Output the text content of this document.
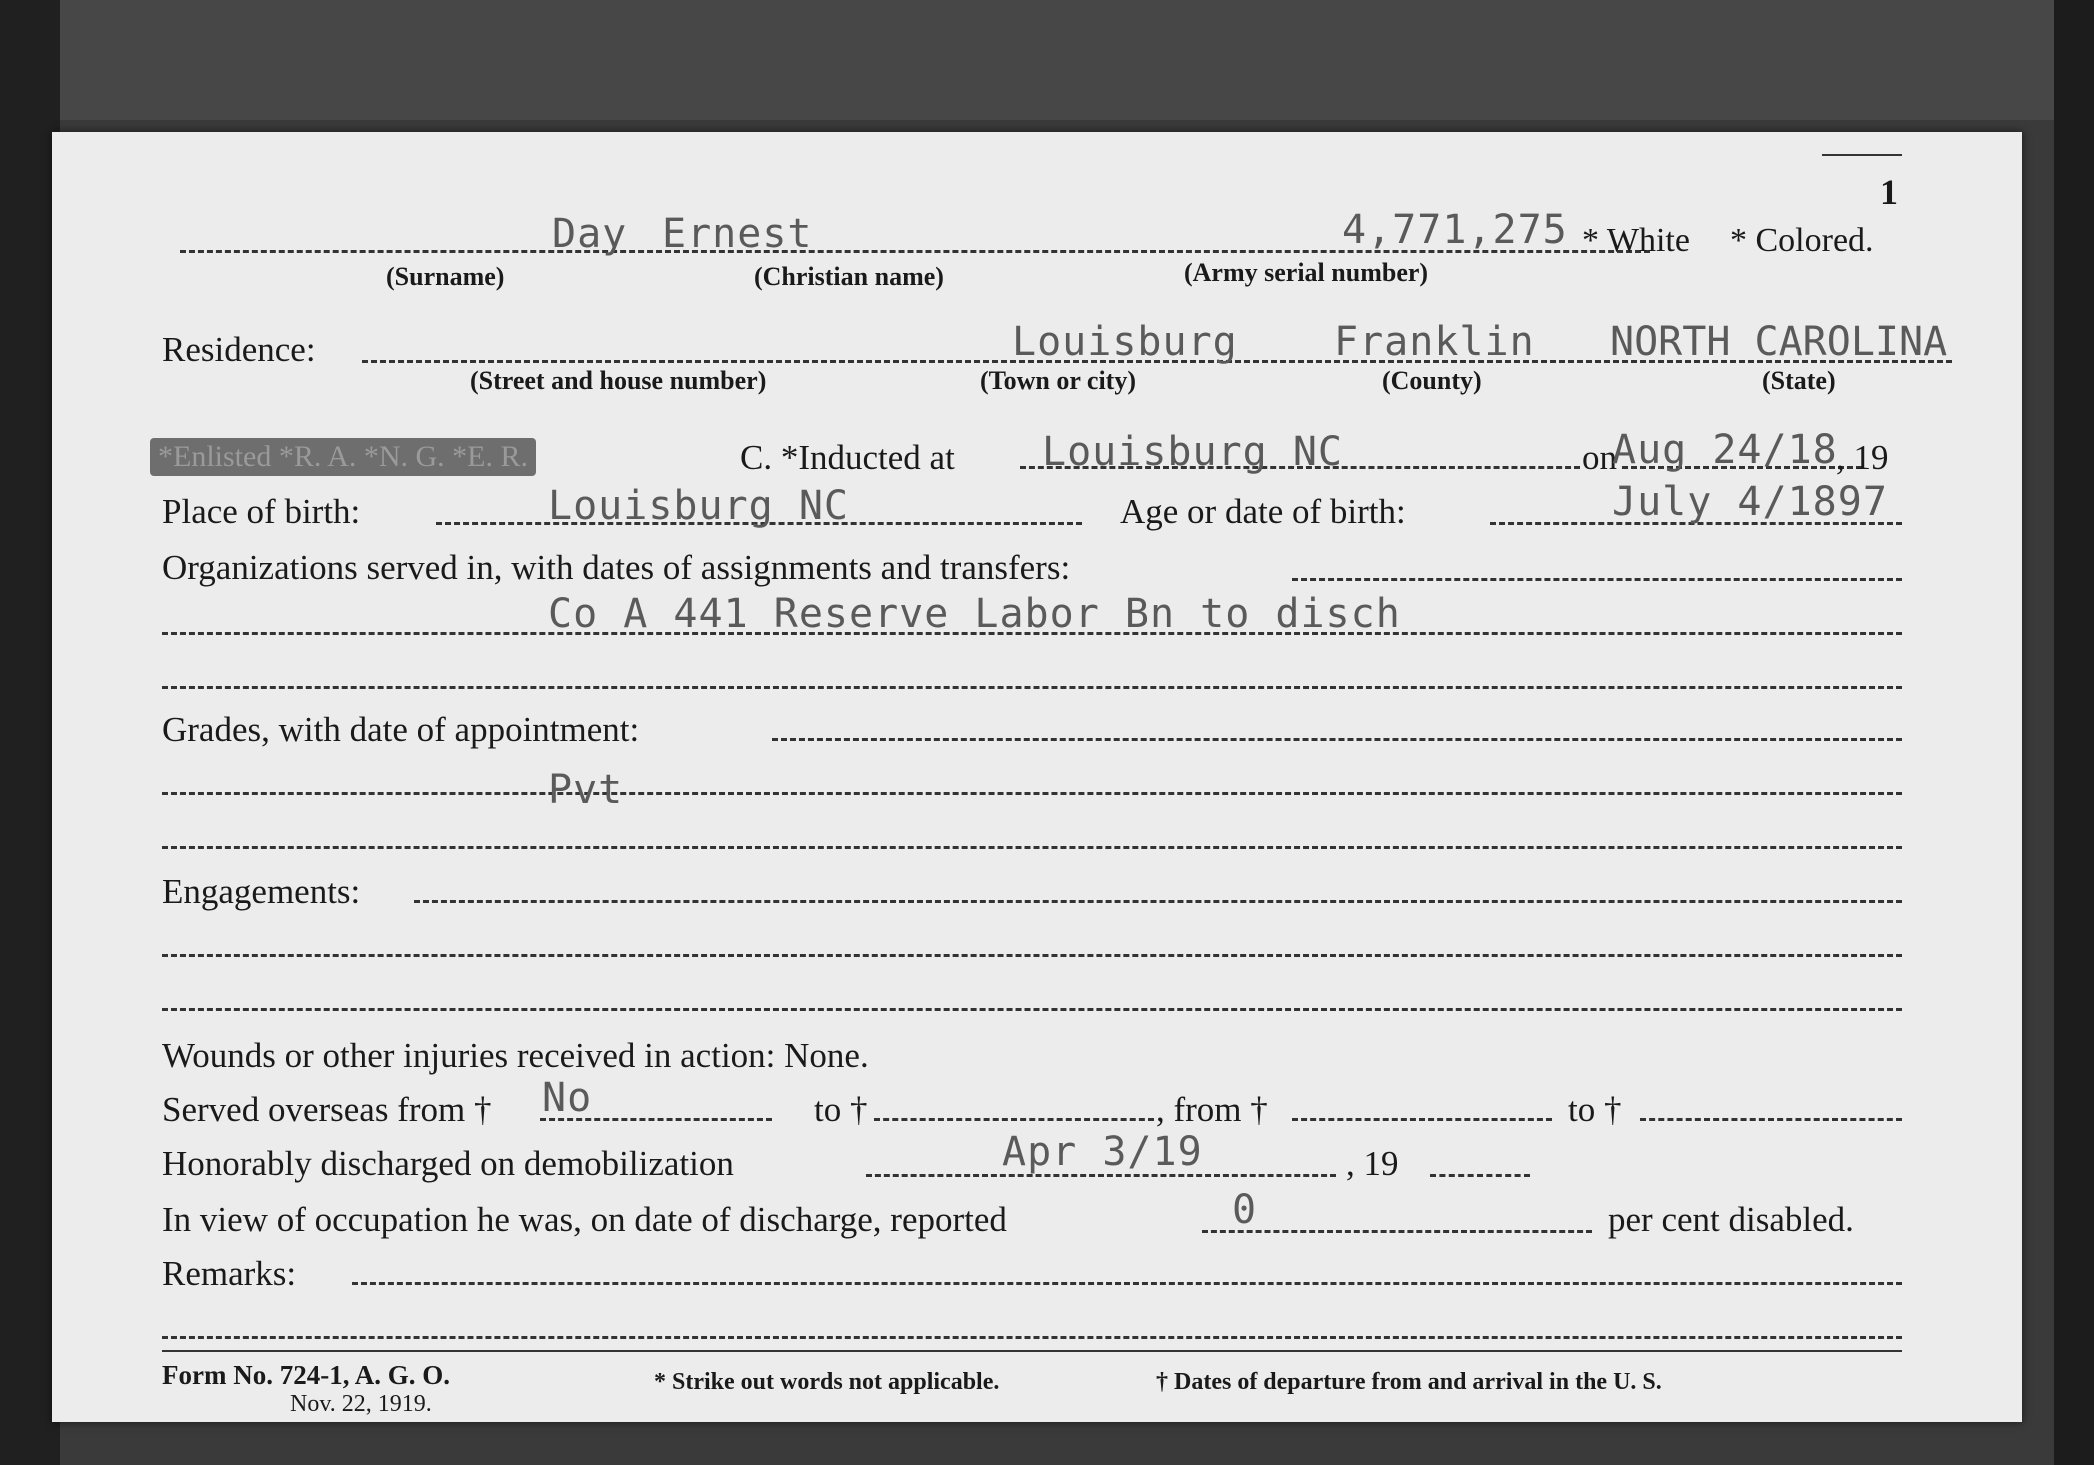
1
Day Ernest	4,771,275 * White * Colored.
(Surname)	(Christian name)	(Army serial number)
Residence:	Louisburg Franklin NORTH CAROLINA
(Street and house number)	(Town or city)	(County)	(State)
*Enlisted *R. A. *N. G. *E. R.	C. *Inducted at Louisburg NC	on
Aug 24/18
, 19
Place of birth:	Louisburg NC	Age or date of birth:	July 4/1897
Organizations served in, with dates of assignments and transfers:
Co A 441 Reserve Labor Bn to disch
Grades, with date of appointment:
Pvt
Engagements:
Wounds or other injuries received in action: None.
Served overseas from † No	to †	, from †	to †
Honorably discharged on demobilization	Apr 3/19	, 19
In view of occupation he was, on date of discharge, reported	0	per cent disabled.
Remarks:
Form No. 724-1, A. G. O.
Nov. 22, 1919.
* Strike out words not applicable.	† Dates of departure from and arrival in the U. S.
